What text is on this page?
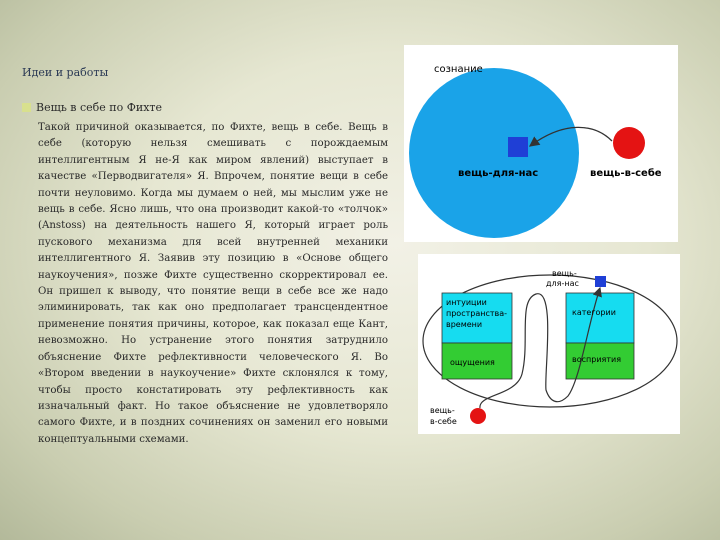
Идеи и работы
Вещь в себе по Фихте

Такой причиной оказывается, по Фихте, вещь в себе. Вещь в себе (которую нельзя смешивать с порождаемым интеллигентным Я не-Я как миром явлений) выступает в качестве «Перводвигателя» Я. Впрочем, понятие вещи в себе почти неуловимо. Когда мы думаем о ней, мы мыслим уже не вещь в себе. Ясно лишь, что она производит какой-то «толчок» (Anstoss) на деятельность нашего Я, который играет роль пускового механизма для всей внутренней механики интеллигентного Я. Заявив эту позицию в «Основе общего наукоучения», позже Фихте существенно скорректировал ее. Он пришел к выводу, что понятие вещи в себе все же надо элиминировать, так как оно предполагает трансцендентное применение понятия причины, которое, как показал еще Кант, невозможно. Но устранение этого понятия затруднило объяснение Фихте рефлективности человеческого Я. Во «Втором введении в наукоучение» Фихте склонялся к тому, чтобы просто констатировать эту рефлективность как изначальный факт. Но такое объяснение не удовлетворяло самого Фихте, и в поздних сочинениях он заменил его новыми концептуальными схемами.

сознание
вещь-для-нас	вещь-в-себе
вещь-
для-нас
интуиции
пространства-
времени
ощущения
категории
восприятия
вещь-
в-себе
